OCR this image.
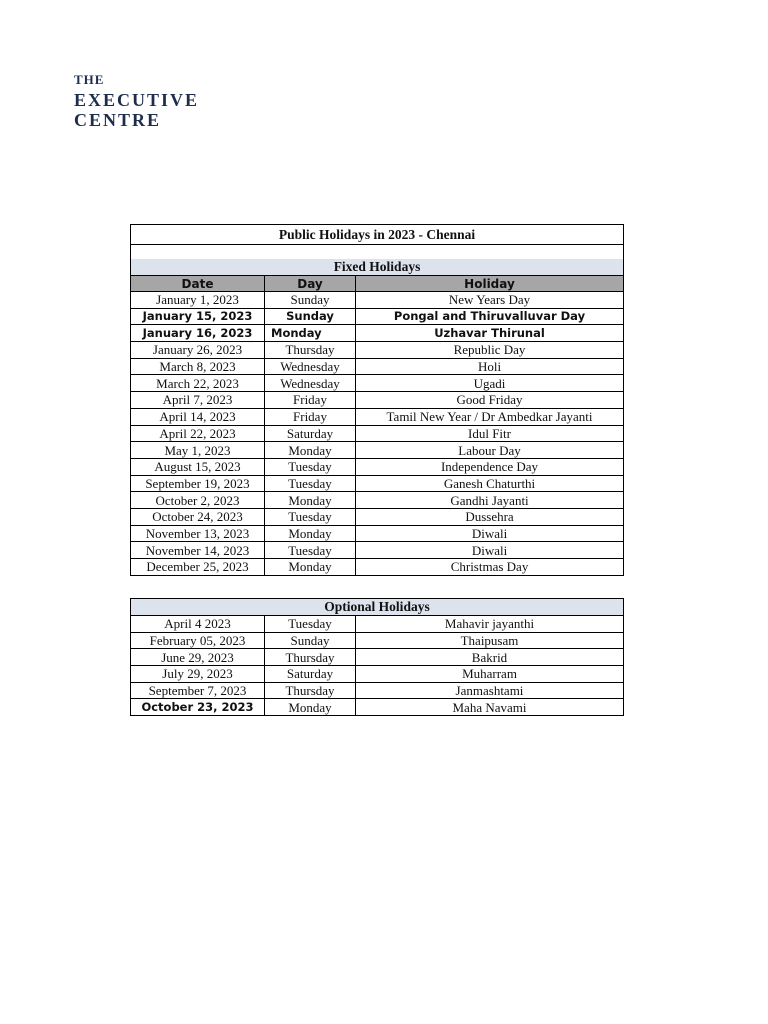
THE
EXECUTIVE
CENTRE
Public Holidays in 2023 - Chennai		

Fixed Holidays		
Date	Day	Holiday
January 1, 2023	Sunday	New Years Day
January 15, 2023	Sunday	Pongal and Thiruvalluvar Day
January 16, 2023	Monday	Uzhavar Thirunal
January 26, 2023	Thursday	Republic Day
March 8, 2023	Wednesday	Holi
March 22, 2023	Wednesday	Ugadi
April 7, 2023	Friday	Good Friday
April 14, 2023	Friday	Tamil New Year / Dr Ambedkar Jayanti
April 22, 2023	Saturday	Idul Fitr
May 1, 2023	Monday	Labour Day
August 15, 2023	Tuesday	Independence Day
September 19, 2023	Tuesday	Ganesh Chaturthi
October 2, 2023	Monday	Gandhi Jayanti
October 24, 2023	Tuesday	Dussehra
November 13, 2023	Monday	Diwali
November 14, 2023	Tuesday	Diwali
December 25, 2023	Monday	Christmas Day
Optional Holidays		
April 4 2023	Tuesday	Mahavir jayanthi
February 05, 2023	Sunday	Thaipusam
June 29, 2023	Thursday	Bakrid
July 29, 2023	Saturday	Muharram
September 7, 2023	Thursday	Janmashtami
October 23, 2023	Monday	Maha Navami
